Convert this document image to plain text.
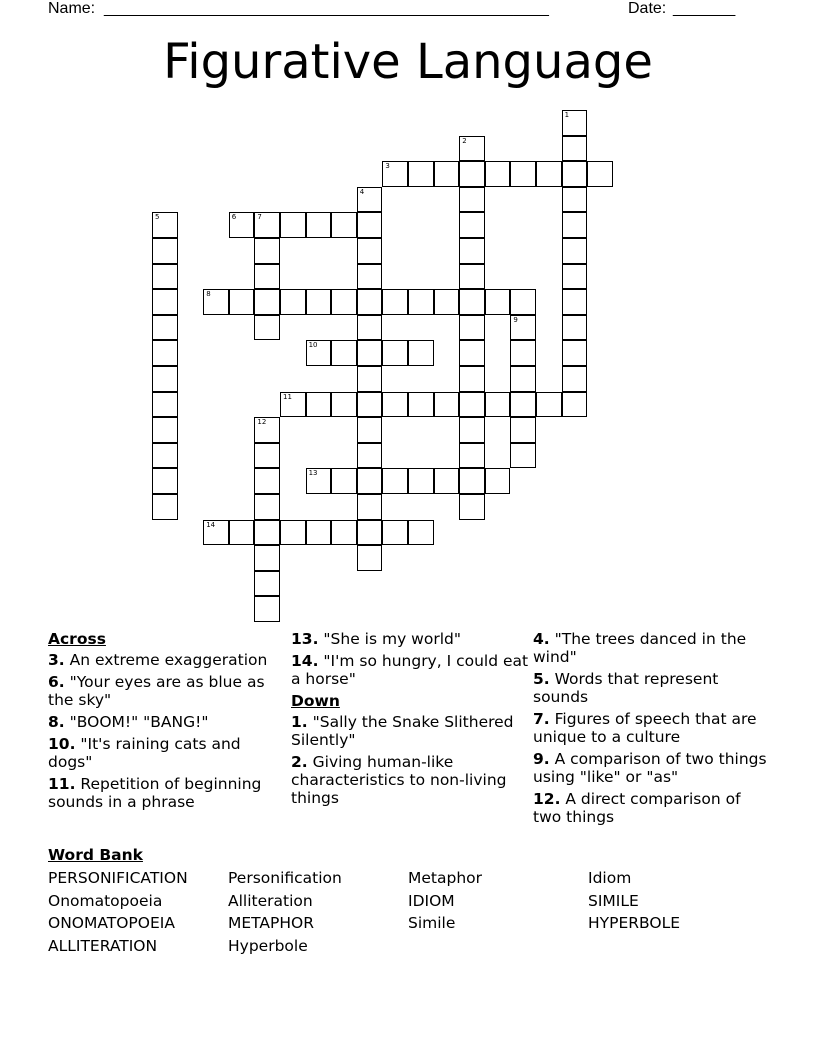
Name: __________________________________________________	Date: _______
Figurative Language
1
2
3
4
5	6	7
8
9
10
11
12
13
14
Across
3. An extreme exaggeration
6. "Your eyes are as blue as the sky"
8. "BOOM!" "BANG!"
10. "It's raining cats and dogs"
11. Repetition of beginning sounds in a phrase
13. "She is my world"
14. "I'm so hungry, I could eat a horse"
Down
1. "Sally the Snake Slithered Silently"
2. Giving human-like characteristics to non-living things
4. "The trees danced in the wind"
5. Words that represent sounds
7. Figures of speech that are unique to a culture
9. A comparison of two things using "like" or "as"
12. A direct comparison of two things
Word Bank
PERSONIFICATION	Personification	Metaphor	Idiom
Onomatopoeia	Alliteration	IDIOM	SIMILE
ONOMATOPOEIA	METAPHOR	Simile	HYPERBOLE
ALLITERATION	Hyperbole
